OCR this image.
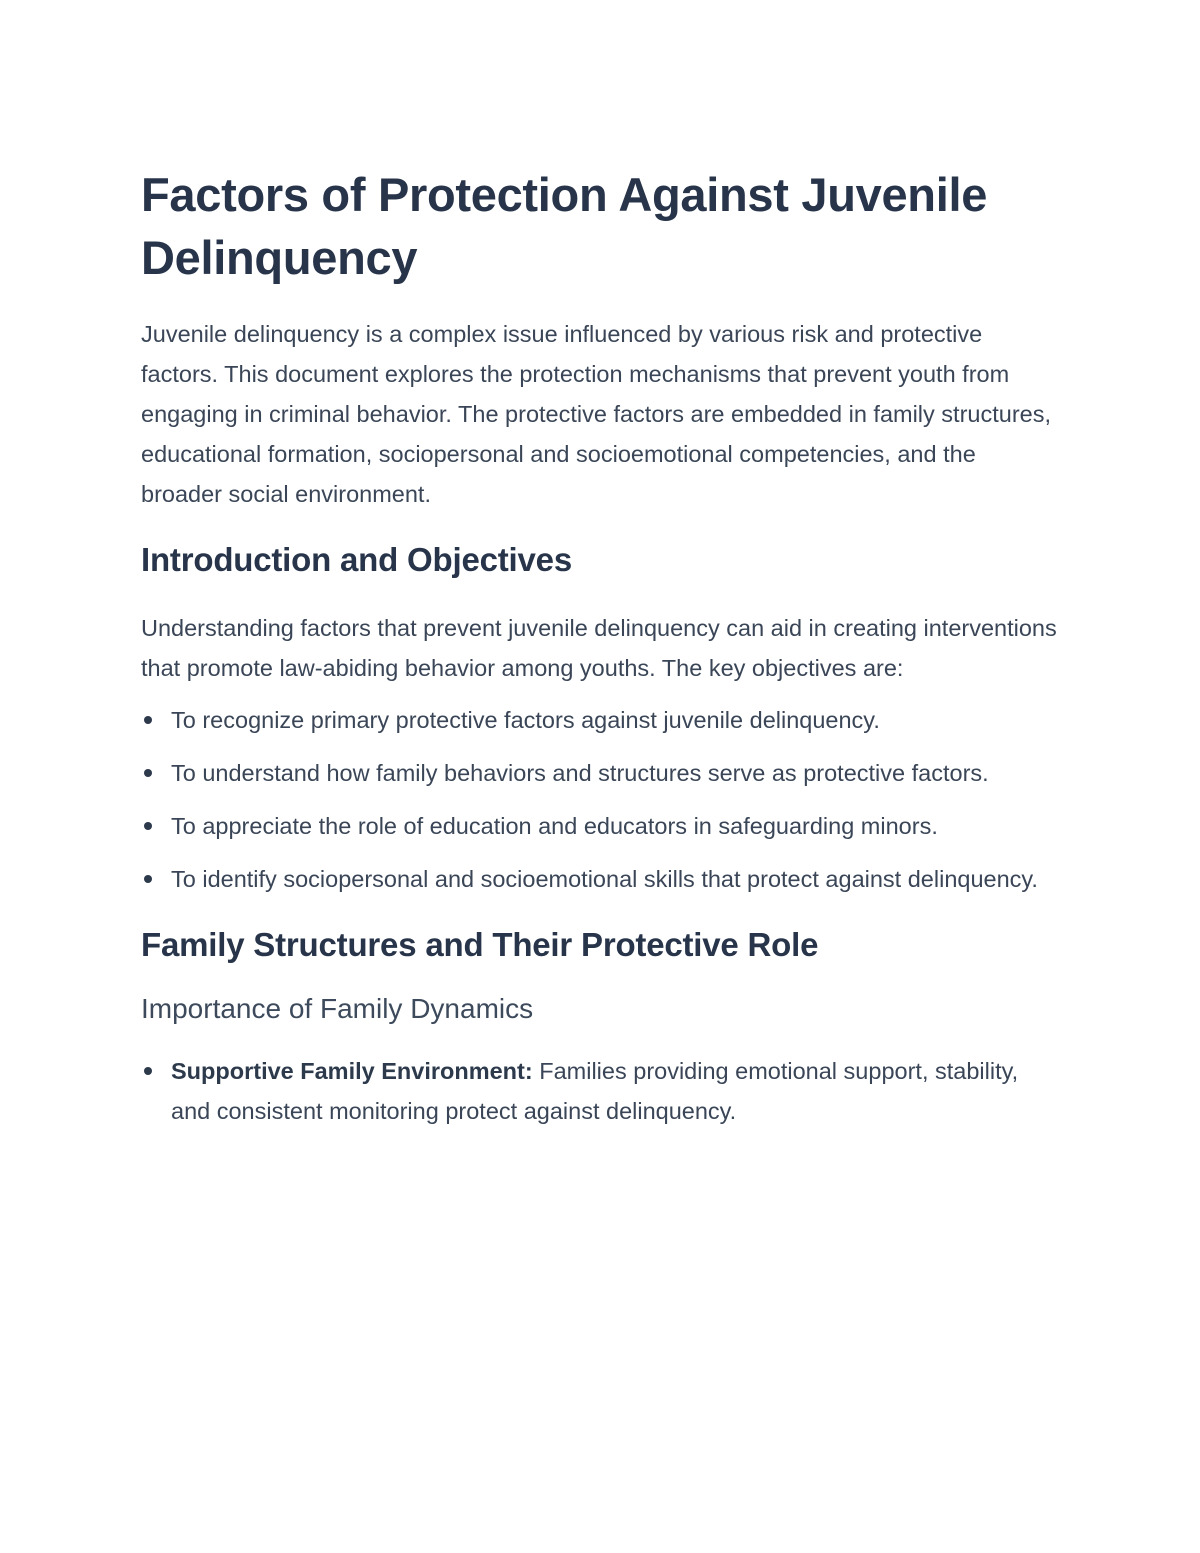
Factors of Protection Against Juvenile Delinquency

Juvenile delinquency is a complex issue influenced by various risk and protective factors. This document explores the protection mechanisms that prevent youth from engaging in criminal behavior. The protective factors are embedded in family structures, educational formation, sociopersonal and socioemotional competencies, and the broader social environment.

Introduction and Objectives

Understanding factors that prevent juvenile delinquency can aid in creating interventions that promote law-abiding behavior among youths. The key objectives are:

To recognize primary protective factors against juvenile delinquency.
To understand how family behaviors and structures serve as protective factors.
To appreciate the role of education and educators in safeguarding minors.
To identify sociopersonal and socioemotional skills that protect against delinquency.
Family Structures and Their Protective Role
Importance of Family Dynamics
Supportive Family Environment: Families providing emotional support, stability, and consistent monitoring protect against delinquency.
